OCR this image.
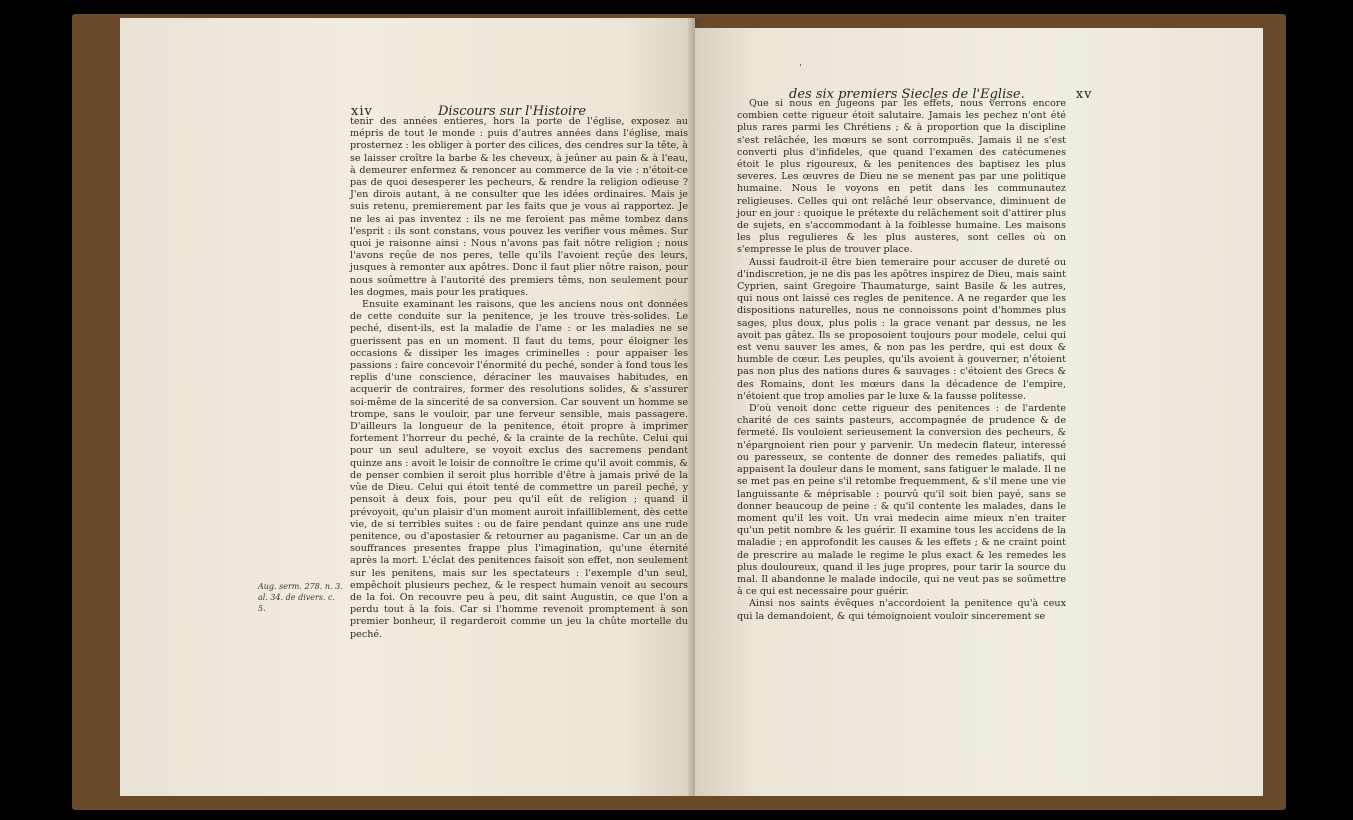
xiv	Discours sur l'Histoire

tenir des années entieres, hors la porte de l'église, exposez au mépris de tout le monde : puis d'autres années dans l'église, mais prosternez : les obliger à porter des cilices, des cendres sur la tête, à se laisser croître la barbe & les cheveux, à jeûner au pain & à l'eau, à demeurer enfermez & renoncer au commerce de la vie : n'étoit-ce pas de quoi desesperer les pecheurs, & rendre la religion odieuse ? J'en dirois autant, à ne consulter que les idées ordinaires. Mais je suis retenu, premierement par les faits que je vous ai rapportez. Je ne les ai pas inventez : ils ne me feroient pas même tombez dans l'esprit : ils sont constans, vous pouvez les verifier vous mêmes. Sur quoi je raisonne ainsi : Nous n'avons pas fait nôtre religion ; nous l'avons reçûe de nos peres, telle qu'ils l'avoient reçûe des leurs, jusques à remonter aux apôtres. Donc il faut plier nôtre raison, pour nous soûmettre à l'autorité des premiers têms, non seulement pour les dogmes, mais pour les pratiques.

Ensuite examinant les raisons, que les anciens nous ont données de cette conduite sur la penitence, je les trouve très-solides. Le peché, disent-ils, est la maladie de l'ame : or les maladies ne se guerissent pas en un moment. Il faut du tems, pour éloigner les occasions & dissiper les images criminelles : pour appaiser les passions : faire concevoir l'énormité du peché, sonder à fond tous les replis d'une conscience, déraciner les mauvaises habitudes, en acquerir de contraires, former des resolutions solides, & s'assurer soi-même de la sincerité de sa conversion. Car souvent un homme se trompe, sans le vouloir, par une ferveur sensible, mais passagere. D'ailleurs la longueur de la penitence, étoit propre à imprimer fortement l'horreur du peché, & la crainte de la rechûte. Celui qui pour un seul adultere, se voyoit exclus des sacremens pendant quinze ans : avoit le loisir de connoître le crime qu'il avoit commis, & de penser combien il seroit plus horrible d'être à jamais privé de la vûe de Dieu. Celui qui étoit tenté de commettre un pareil peché, y pensoit à deux fois, pour peu qu'il eût de religion ; quand il prévoyoit, qu'un plaisir d'un moment auroit infailliblement, dès cette vie, de si terribles suites : ou de faire pendant quinze ans une rude penitence, ou d'apostasier & retourner au paganisme. Car un an de souffrances presentes frappe plus l'imagination, qu'une éternité après la mort. L'éclat des penitences faisoit son effet, non seulement sur les penitens, mais sur les spectateurs : l'exemple d'un seul, empêchoit plusieurs pechez, & le respect humain venoit au secours de la foi. On recouvre peu à peu, dit saint Augustin, ce que l'on a perdu tout à la fois. Car si l'homme revenoit promptement à son premier bonheur, il regarderoit comme un jeu la chûte mortelle du peché.

Aug. serm. 278. n. 3. al. 34. de divers. c. 5.
ʹ
des six premiers Siecles de l'Eglise.	xv

Que si nous en jugeons par les effets, nous verrons encore combien cette rigueur étoit salutaire. Jamais les pechez n'ont été plus rares parmi les Chrétiens ; & à proportion que la discipline s'est relâchée, les mœurs se sont corrompuës. Jamais il ne s'est converti plus d'infideles, que quand l'examen des catécumenes étoit le plus rigoureux, & les penitences des baptisez les plus severes. Les œuvres de Dieu ne se menent pas par une politique humaine. Nous le voyons en petit dans les communautez religieuses. Celles qui ont relâché leur observance, diminuent de jour en jour : quoique le prétexte du relâchement soit d'attirer plus de sujets, en s'accommodant à la foiblesse humaine. Les maisons les plus regulieres & les plus austeres, sont celles où on s'empresse le plus de trouver place.

Aussi faudroit-il être bien temeraire pour accuser de dureté ou d'indiscretion, je ne dis pas les apôtres inspirez de Dieu, mais saint Cyprien, saint Gregoire Thaumaturge, saint Basile & les autres, qui nous ont laissé ces regles de penitence. A ne regarder que les dispositions naturelles, nous ne connoissons point d'hommes plus sages, plus doux, plus polis : la grace venant par dessus, ne les avoit pas gâtez. Ils se proposoient toujours pour modele, celui qui est venu sauver les ames, & non pas les perdre, qui est doux & humble de cœur. Les peuples, qu'ils avoient à gouverner, n'étoient pas non plus des nations dures & sauvages : c'étoient des Grecs & des Romains, dont les mœurs dans la décadence de l'empire, n'étoient que trop amolies par le luxe & la fausse politesse.

D'où venoit donc cette rigueur des penitences : de l'ardente charité de ces saints pasteurs, accompagnée de prudence & de fermeté. Ils vouloient serieusement la conversion des pecheurs, & n'épargnoient rien pour y parvenir. Un medecin flateur, interessé ou paresseux, se contente de donner des remedes paliatifs, qui appaisent la douleur dans le moment, sans fatiguer le malade. Il ne se met pas en peine s'il retombe frequemment, & s'il mene une vie languissante & méprisable : pourvû qu'il soit bien payé, sans se donner beaucoup de peine : & qu'il contente les malades, dans le moment qu'il les voit. Un vrai medecin aime mieux n'en traiter qu'un petit nombre & les guérir. Il examine tous les accidens de la maladie ; en approfondit les causes & les effets ; & ne craint point de prescrire au malade le regime le plus exact & les remedes les plus douloureux, quand il les juge propres, pour tarir la source du mal. Il abandonne le malade indocile, qui ne veut pas se soûmettre à ce qui est necessaire pour guérir.

Ainsi nos saints évêques n'accordoient la penitence qu'à ceux qui la demandoient, & qui témoignoient vouloir sincerement se
